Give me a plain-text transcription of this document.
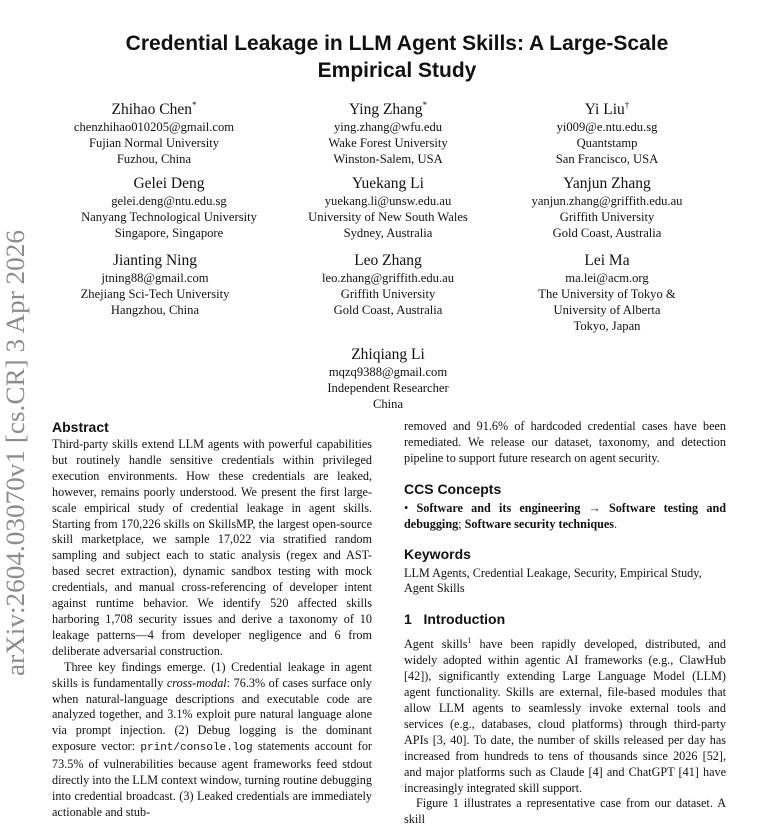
arXiv:2604.03070v1 [cs.CR] 3 Apr 2026
Credential Leakage in LLM Agent Skills: A Large-Scale
Empirical Study
Zhihao Chen*
chenzhihao010205@gmail.com
Fujian Normal University
Fuzhou, China
Ying Zhang*
ying.zhang@wfu.edu
Wake Forest University
Winston-Salem, USA
Yi Liu†
yi009@e.ntu.edu.sg
Quantstamp
San Francisco, USA
Gelei Deng
gelei.deng@ntu.edu.sg
Nanyang Technological University
Singapore, Singapore
Yuekang Li
yuekang.li@unsw.edu.au
University of New South Wales
Sydney, Australia
Yanjun Zhang
yanjun.zhang@griffith.edu.au
Griffith University
Gold Coast, Australia
Jianting Ning
jtning88@gmail.com
Zhejiang Sci-Tech University
Hangzhou, China
Leo Zhang
leo.zhang@griffith.edu.au
Griffith University
Gold Coast, Australia
Lei Ma
ma.lei@acm.org
The University of Tokyo &
University of Alberta
Tokyo, Japan
Zhiqiang Li
mqzq9388@gmail.com
Independent Researcher
China
Abstract

Third-party skills extend LLM agents with powerful capabilities but routinely handle sensitive credentials within privileged execution environments. How these credentials are leaked, however, remains poorly understood. We present the first large-scale empirical study of credential leakage in agent skills. Starting from 170,226 skills on SkillsMP, the largest open-source skill marketplace, we sample 17,022 via stratified random sampling and subject each to static analysis (regex and AST-based secret extraction), dynamic sandbox testing with mock credentials, and manual cross-referencing of developer intent against runtime behavior. We identify 520 affected skills harboring 1,708 security issues and derive a taxonomy of 10 leakage patterns—4 from developer negligence and 6 from deliberate adversarial construction.

Three key findings emerge. (1) Credential leakage in agent skills is fundamentally cross-modal: 76.3% of cases surface only when natural-language descriptions and executable code are analyzed together, and 3.1% exploit pure natural language alone via prompt injection. (2) Debug logging is the dominant exposure vector: print/console.log statements account for 73.5% of vulnerabilities because agent frameworks feed stdout directly into the LLM context window, turning routine debugging into credential broadcast. (3) Leaked credentials are immediately actionable and stub-

removed and 91.6% of hardcoded credential cases have been remediated. We release our dataset, taxonomy, and detection pipeline to support future research on agent security.

CCS Concepts

• Software and its engineering → Software testing and debugging; Software security techniques.

Keywords

LLM Agents, Credential Leakage, Security, Empirical Study, Agent Skills

1 Introduction

Agent skills$^1$ have been rapidly developed, distributed, and widely adopted within agentic AI frameworks (e.g., ClawHub [42]), significantly extending Large Language Model (LLM) agent functionality. Skills are external, file-based modules that allow LLM agents to seamlessly invoke external tools and services (e.g., databases, cloud platforms) through third-party APIs [3, 40]. To date, the number of skills released per day has increased from hundreds to tens of thousands since 2026 [52], and major platforms such as Claude [4] and ChatGPT [41] have increasingly integrated skill support.

Figure 1 illustrates a representative case from our dataset. A skill
